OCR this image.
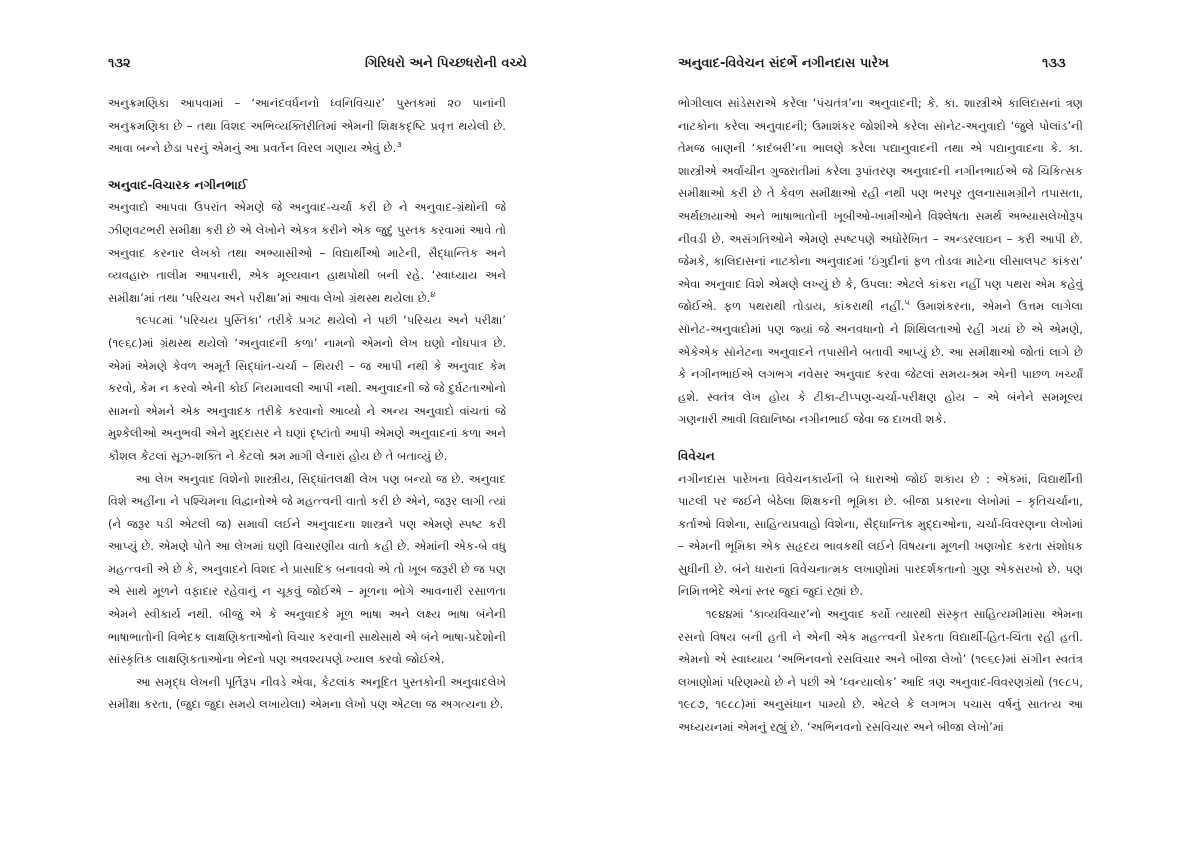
૧૩૨	ગિરિધરો અને પિચ્છધરોની વચ્ચે

અનુક્રમણિકા આપવામાં – ‘આનંદવર્ધનનો ધ્વનિવિચાર’ પુસ્તકમાં ૨૦ પાનાંની અનુક્રમણિકા છે – તથા વિશદ અભિવ્યક્તિરીતિમાં એમની શિક્ષકદૃષ્ટિ પ્રવૃત્ત થયેલી છે. આવા બન્ને છેડા પરનું એમનું આ પ્રવર્તન વિરલ ગણાય એવું છે.$^૩$

અનુવાદ-વિચારક નગીનભાઈ

અનુવાદો આપવા ઉપરાંત એમણે જે અનુવાદ-ચર્ચા કરી છે ને અનુવાદ-ગ્રંથોની જે ઝીણવટભરી સમીક્ષા કરી છે એ લેખોને એકત્ર કરીને એક જુદું પુસ્તક કરવામાં આવે તો અનુવાદ કરનાર લેખકો તથા અભ્યાસીઓ – વિદ્યાર્થીઓ માટેની, સૈદ્ધાન્તિક અને વ્યવહારુ તાલીમ આપનારી, એક મૂલ્યવાન હાથપોથી બની રહે. ‘સ્વાધ્યાય અને સમીક્ષા’માં તથા ‘પરિચય અને પરીક્ષા’માં આવા લેખો ગ્રંથસ્થ થયેલા છે.$^૪$

૧૯૫૮માં ‘પરિચય પુસ્તિકા’ તરીકે પ્રગટ થયેલો ને પછી ‘પરિચય અને પરીક્ષા’ (૧૯૬૮)માં ગ્રંથસ્થ થયેલો ‘અનુવાદની કળા’ નામનો એમનો લેખ ઘણો નોંધપાત્ર છે. એમાં એમણે કેવળ અમૂર્ત સિદ્ધાંત-ચર્ચા – થિયરી – જ આપી નથી કે અનુવાદ કેમ કરવો, કેમ ન કરવો એની કોઈ નિયમાવલી આપી નથી. અનુવાદની જે જે દુર્ઘટતાઓનો સામનો એમને એક અનુવાદક તરીકે કરવાનો આવ્યો ને અન્ય અનુવાદો વાંચતાં જે મુશ્કેલીઓ અનુભવી એને મુદ્દાસર ને ઘણાં દૃષ્ટાંતો આપી એમણે અનુવાદનાં કળા અને કૌશલ કેટલાં સૂઝ-શક્તિ ને કેટલો શ્રમ માગી લેનારાં હોય છે તે બતાવ્યું છે.

આ લેખ અનુવાદ વિશેનો શાસ્ત્રીય, સિદ્ધાંતલક્ષી લેખ પણ બન્યો જ છે. અનુવાદ વિશે અહીંના ને પશ્ચિમના વિદ્વાનોએ જે મહત્ત્વની વાતો કરી છે એને, જરૂર લાગી ત્યાં (ને જરૂર પડી એટલી જ) સમાવી લઈને અનુવાદના શાસ્ત્રને પણ એમણે સ્પષ્ટ કરી આપ્યું છે. એમણે પોતે આ લેખમાં ઘણી વિચારણીય વાતો કહી છે. એમાંની એક-બે વધુ મહત્ત્વની એ છે કે, અનુવાદને વિશદ ને પ્રાસાદિક બનાવવો એ તો ખૂબ જરૂરી છે જ પણ એ સાથે મૂળને વફાદાર રહેવાનું ન ચૂકવું જોઈએ – મૂળના ભોગે આવનારી રસાળતા એમને સ્વીકાર્ય નથી. બીજું એ કે અનુવાદકે મૂળ ભાષા અને લક્ષ્ય ભાષા બંનેની ભાષાભાતોની વિભેદક લાક્ષણિકતાઓનો વિચાર કરવાની સાથેસાથે એ બંને ભાષા-પ્રદેશોની સાંસ્કૃતિક લાક્ષણિકતાઓના ભેદનો પણ અવશ્યપણે ખ્યાલ કરવો જોઈએ.

આ સમૃદ્ધ લેખની પૂર્તિરૂપ નીવડે એવા, કેટલાંક અનૂદિત પુસ્તકોની અનુવાદલેખે સમીક્ષા કરતા, (જુદા જુદા સમયે લખાયેલા) એમના લેખો પણ એટલા જ અગત્યના છે.

અનુવાદ-વિવેચન સંદર્ભે નગીનદાસ પારેખ	૧૩૩

ભોગીલાલ સાંડેસરાએ કરેલા ‘પંચતંત્ર’ના અનુવાદની; કે. કા. શાસ્ત્રીએ કાલિદાસનાં ત્રણ નાટકોના કરેલા અનુવાદની; ઉમાશંકર જોશીએ કરેલા સૉનેટ-અનુવાદો ‘જુલે પોલાંડ’ની તેમજ બાણની ‘કાદંબરી’ના ભાલણે કરેલા પદ્યાનુવાદની તથા એ પદ્યાનુવાદના કે. કા. શાસ્ત્રીએ અર્વાચીન ગુજરાતીમાં કરેલા રૂપાંતરણ અનુવાદની નગીનભાઈએ જે ચિકિત્સક સમીક્ષાઓ કરી છે તે કેવળ સમીક્ષાઓ રહી નથી પણ ભરપૂર તુલનાસામગ્રીને તપાસતા, અર્થછાયાઓ અને ભાષાભાતોની ખૂબીઓ-ખામીઓને વિશ્લેષતા સમર્થ અભ્યાસલેખોરૂપ નીવડી છે. અસંગતિઓને એમણે સ્પષ્ટપણે અધોરેખિત – અન્ડરલાઇન – કરી આપી છે. જેમકે, કાલિદાસનાં નાટકોના અનુવાદમાં ‘ઇંગુદીનાં ફળ તોડવા માટેના લીસાલપટ કાંકરા’ એવા અનુવાદ વિશે એમણે લખ્યું છે કે, ઉપલા: એટલે કાંકરા નહીં પણ પથરા એમ કહેવું જોઈએ. ફળ પથરાથી તોડાય, કાંકરાથી નહીં.$^૫$ ઉમાશંકરના, એમને ઉત્તમ લાગેલા સૉનેટ-અનુવાદોમાં પણ જ્યાં જે અનવધાનો ને શિથિલતાઓ રહી ગયાં છે એ એમણે, એકેએક સૉનેટના અનુવાદને તપાસીને બતાવી આપ્યું છે. આ સમીક્ષાઓ જોતાં લાગે છે કે નગીનભાઈએ લગભગ નવેસર અનુવાદ કરવા જેટલાં સમય-શ્રમ એની પાછળ ખર્ચ્યાં હશે. સ્વતંત્ર લેખ હોય કે ટીકા-ટીપ્પણ-ચર્ચા-પરીક્ષણ હોય – એ બંનેને સમમૂલ્ય ગણનારી આવી વિદ્યાનિષ્ઠા નગીનભાઈ જેવા જ દાખવી શકે.

વિવેચન

નગીનદાસ પારેખના વિવેચનકાર્યની બે ધારાઓ જોઈ શકાય છે : એકમાં, વિદ્યાર્થીની પાટલી પર જઈને બેઠેલા શિક્ષકની ભૂમિકા છે. બીજા પ્રકારના લેખોમાં – કૃતિચર્ચાના, કર્તાઓ વિશેના, સાહિત્યપ્રવાહો વિશેના, સૈદ્ધાન્તિક મુદ્દાઓના, ચર્ચા-વિવરણના લેખોમાં – એમની ભૂમિકા એક સહૃદય ભાવકથી લઈને વિષયના મૂળની ખણખોદ કરતા સંશોધક સુધીની છે. બંને ધારાનાં વિવેચનાત્મક લખાણોમાં પારદર્શકતાનો ગુણ એકસરખો છે. પણ નિમિત્તભેદે એનાં સ્તર જુદાં જુદાં રહ્યાં છે.

૧૯૪૪માં ‘કાવ્યવિચાર’નો અનુવાદ કર્યો ત્યારથી સંસ્કૃત સાહિત્યમીમાંસા એમના રસનો વિષય બની હતી ને એની એક મહત્ત્વની પ્રેરકતા વિદ્યાર્થી-હિત-ચિંતા રહી હતી. એમનો એ સ્વાધ્યાય ‘અભિનવનો રસવિચાર અને બીજા લેખો’ (૧૯૬૯)માં સંગીન સ્વતંત્ર લખાણોમાં પરિણમ્યો છે ને પછી એ ‘ધ્વન્યાલોક’ આદિ ત્રણ અનુવાદ-વિવરણગ્રંથો (૧૯૮૫, ૧૯૮૭, ૧૯૮૮)માં અનુસંધાન પામ્યો છે. એટલે કે લગભગ પચાસ વર્ષનું સાતત્ય આ અધ્યયનમાં એમનું રહ્યું છે. ‘અભિનવનો રસવિચાર અને બીજા લેખો’માં
